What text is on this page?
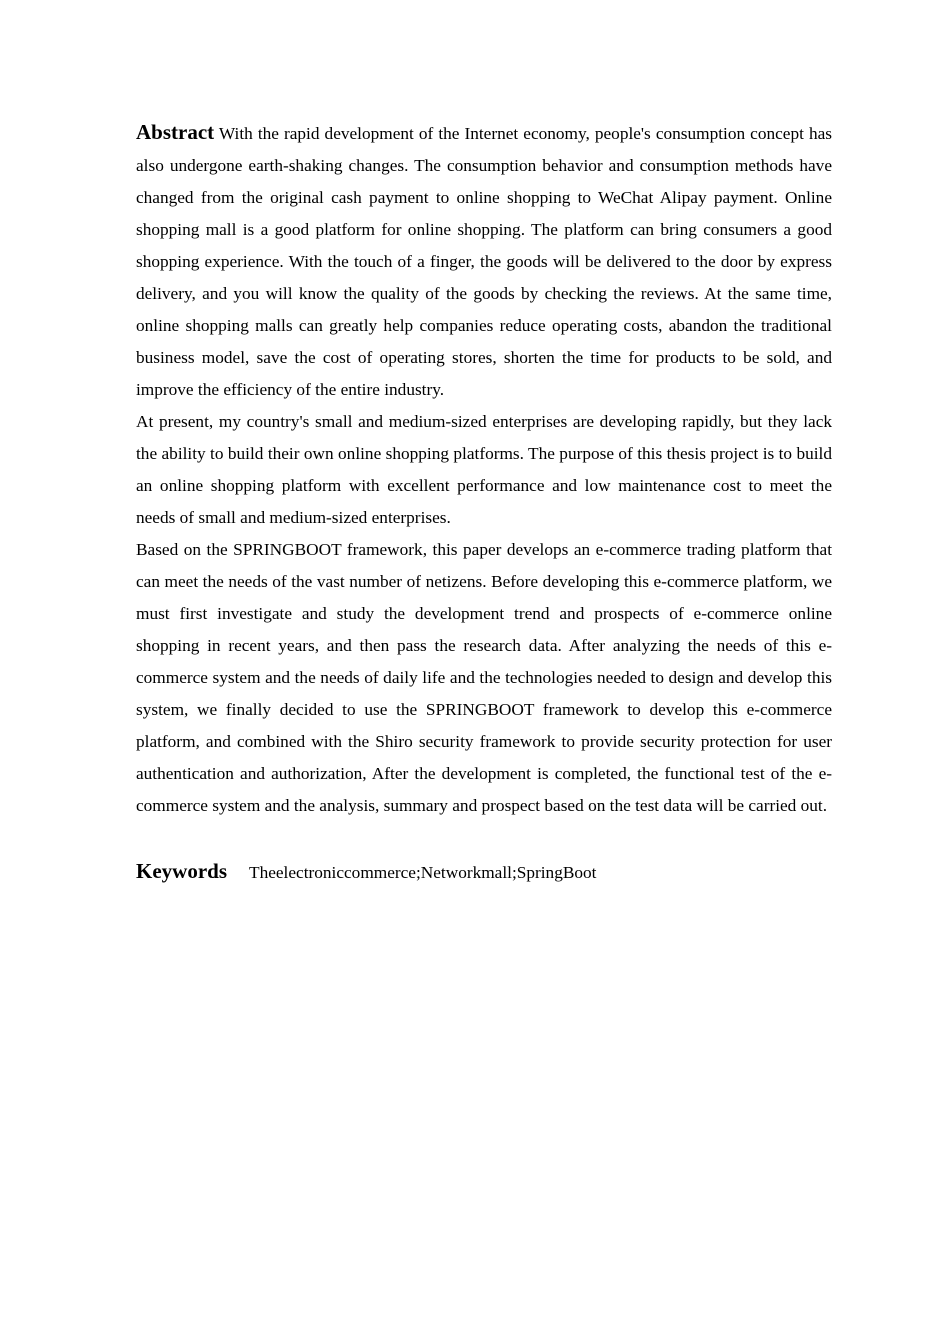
Abstract With the rapid development of the Internet economy, people's consumption concept has also undergone earth-shaking changes. The consumption behavior and consumption methods have changed from the original cash payment to online shopping to WeChat Alipay payment. Online shopping mall is a good platform for online shopping. The platform can bring consumers a good shopping experience. With the touch of a finger, the goods will be delivered to the door by express delivery, and you will know the quality of the goods by checking the reviews. At the same time, online shopping malls can greatly help companies reduce operating costs, abandon the traditional business model, save the cost of operating stores, shorten the time for products to be sold, and improve the efficiency of the entire industry.

At present, my country's small and medium-sized enterprises are developing rapidly, but they lack the ability to build their own online shopping platforms. The purpose of this thesis project is to build an online shopping platform with excellent performance and low maintenance cost to meet the needs of small and medium-sized enterprises.

Based on the SPRINGBOOT framework, this paper develops an e-commerce trading platform that can meet the needs of the vast number of netizens. Before developing this e-commerce platform, we must first investigate and study the development trend and prospects of e-commerce online shopping in recent years, and then pass the research data. After analyzing the needs of this e-commerce system and the needs of daily life and the technologies needed to design and develop this system, we finally decided to use the SPRINGBOOT framework to develop this e-commerce platform, and combined with the Shiro security framework to provide security protection for user authentication and authorization, After the development is completed, the functional test of the e-commerce system and the analysis, summary and prospect based on the test data will be carried out.

Keywords Theelectroniccommerce;Networkmall;SpringBoot
